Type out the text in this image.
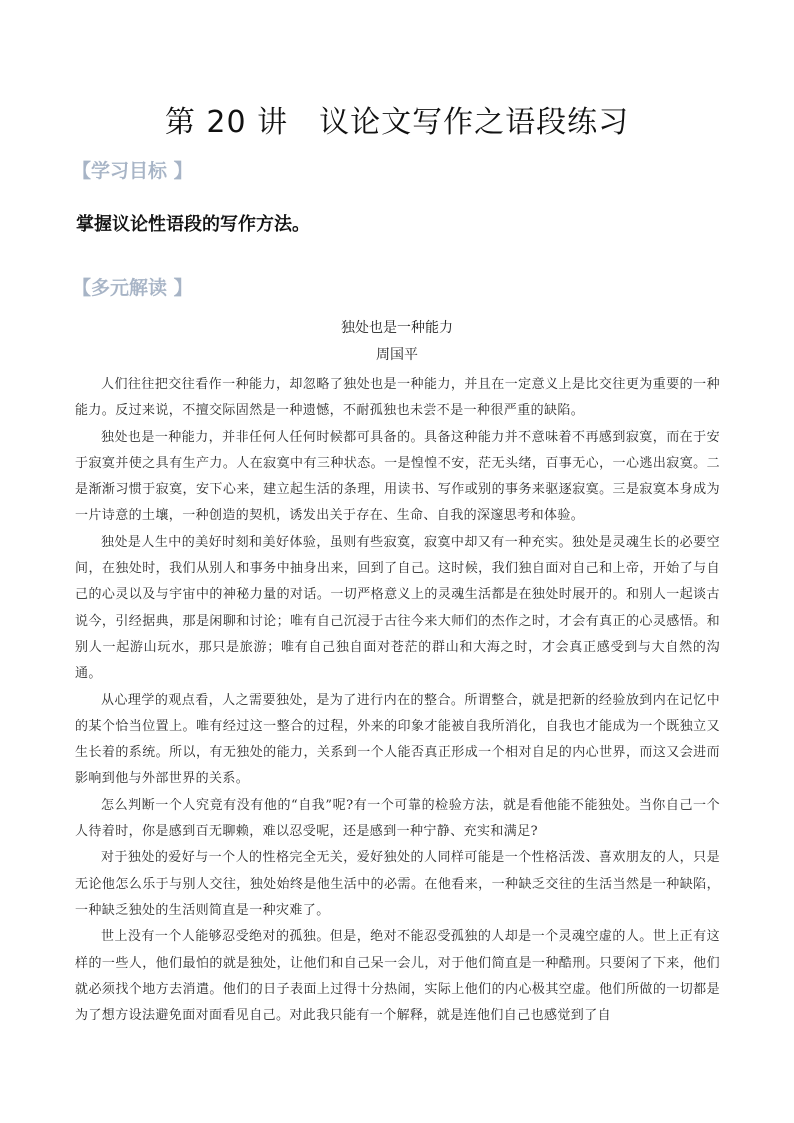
第 20 讲　议论文写作之语段练习
【学习目标 】
掌握议论性语段的写作方法。
【多元解读 】
独处也是一种能力
周国平

人们往往把交往看作一种能力，却忽略了独处也是一种能力，并且在一定意义上是比交往更为重要的一种能力。反过来说，不擅交际固然是一种遗憾，不耐孤独也未尝不是一种很严重的缺陷。

独处也是一种能力，并非任何人任何时候都可具备的。具备这种能力并不意味着不再感到寂寞，而在于安于寂寞并使之具有生产力。人在寂寞中有三种状态。一是惶惶不安，茫无头绪，百事无心，一心逃出寂寞。二是渐渐习惯于寂寞，安下心来，建立起生活的条理，用读书、写作或别的事务来驱逐寂寞。三是寂寞本身成为一片诗意的土壤，一种创造的契机，诱发出关于存在、生命、自我的深邃思考和体验。

独处是人生中的美好时刻和美好体验，虽则有些寂寞，寂寞中却又有一种充实。独处是灵魂生长的必要空间，在独处时，我们从别人和事务中抽身出来，回到了自己。这时候，我们独自面对自己和上帝，开始了与自己的心灵以及与宇宙中的神秘力量的对话。一切严格意义上的灵魂生活都是在独处时展开的。和别人一起谈古说今，引经据典，那是闲聊和讨论；唯有自己沉浸于古往今来大师们的杰作之时，才会有真正的心灵感悟。和别人一起游山玩水，那只是旅游；唯有自己独自面对苍茫的群山和大海之时，才会真正感受到与大自然的沟通。

从心理学的观点看，人之需要独处，是为了进行内在的整合。所谓整合，就是把新的经验放到内在记忆中的某个恰当位置上。唯有经过这一整合的过程，外来的印象才能被自我所消化，自我也才能成为一个既独立又生长着的系统。所以，有无独处的能力，关系到一个人能否真正形成一个相对自足的内心世界，而这又会进而影响到他与外部世界的关系。

怎么判断一个人究竟有没有他的“自我”呢?有一个可靠的检验方法，就是看他能不能独处。当你自己一个人待着时，你是感到百无聊赖，难以忍受呢，还是感到一种宁静、充实和满足?

对于独处的爱好与一个人的性格完全无关，爱好独处的人同样可能是一个性格活泼、喜欢朋友的人，只是无论他怎么乐于与别人交往，独处始终是他生活中的必需。在他看来，一种缺乏交往的生活当然是一种缺陷，一种缺乏独处的生活则简直是一种灾难了。

世上没有一个人能够忍受绝对的孤独。但是，绝对不能忍受孤独的人却是一个灵魂空虚的人。世上正有这样的一些人，他们最怕的就是独处，让他们和自己呆一会儿，对于他们简直是一种酷刑。只要闲了下来，他们就必须找个地方去消遣。他们的日子表面上过得十分热闹，实际上他们的内心极其空虚。他们所做的一切都是为了想方设法避免面对面看见自己。对此我只能有一个解释，就是连他们自己也感觉到了自
